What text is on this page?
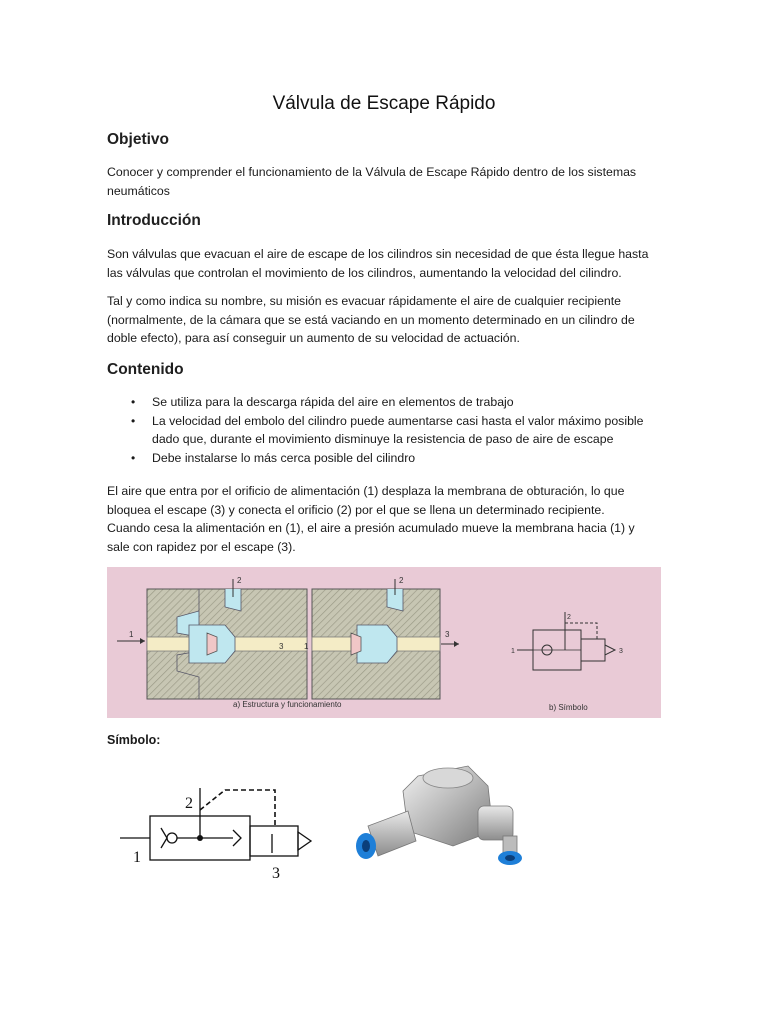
Válvula de Escape Rápido
Objetivo
Conocer y comprender el funcionamiento de la Válvula de Escape Rápido dentro de los sistemas
neumáticos
Introducción
Son válvulas que evacuan el aire de escape de los cilindros sin necesidad de que ésta llegue hasta
las válvulas que controlan el movimiento de los cilindros, aumentando la velocidad del cilindro.
Tal y como indica su nombre, su misión es evacuar rápidamente el aire de cualquier recipiente
(normalmente, de la cámara que se está vaciando en un momento determinado en un cilindro de
doble efecto), para así conseguir un aumento de su velocidad de actuación.
Contenido
• Se utiliza para la descarga rápida del aire en elementos de trabajo
• La velocidad del embolo del cilindro puede aumentarse casi hasta el valor máximo posible
dado que, durante el movimiento disminuye la resistencia de paso de aire de escape
• Debe instalarse lo más cerca posible del cilindro
El aire que entra por el orificio de alimentación (1) desplaza la membrana de obturación, lo que
bloquea el escape (3) y conecta el orificio (2) por el que se llena un determinado recipiente.
Cuando cesa la alimentación en (1), el aire a presión acumulado mueve la membrana hacia (1) y
sale con rapidez por el escape (3).
2
1
3
2
1
3
1
2
3
a) Estructura y funcionamiento	b) Símbolo
Símbolo:
2
1
3
